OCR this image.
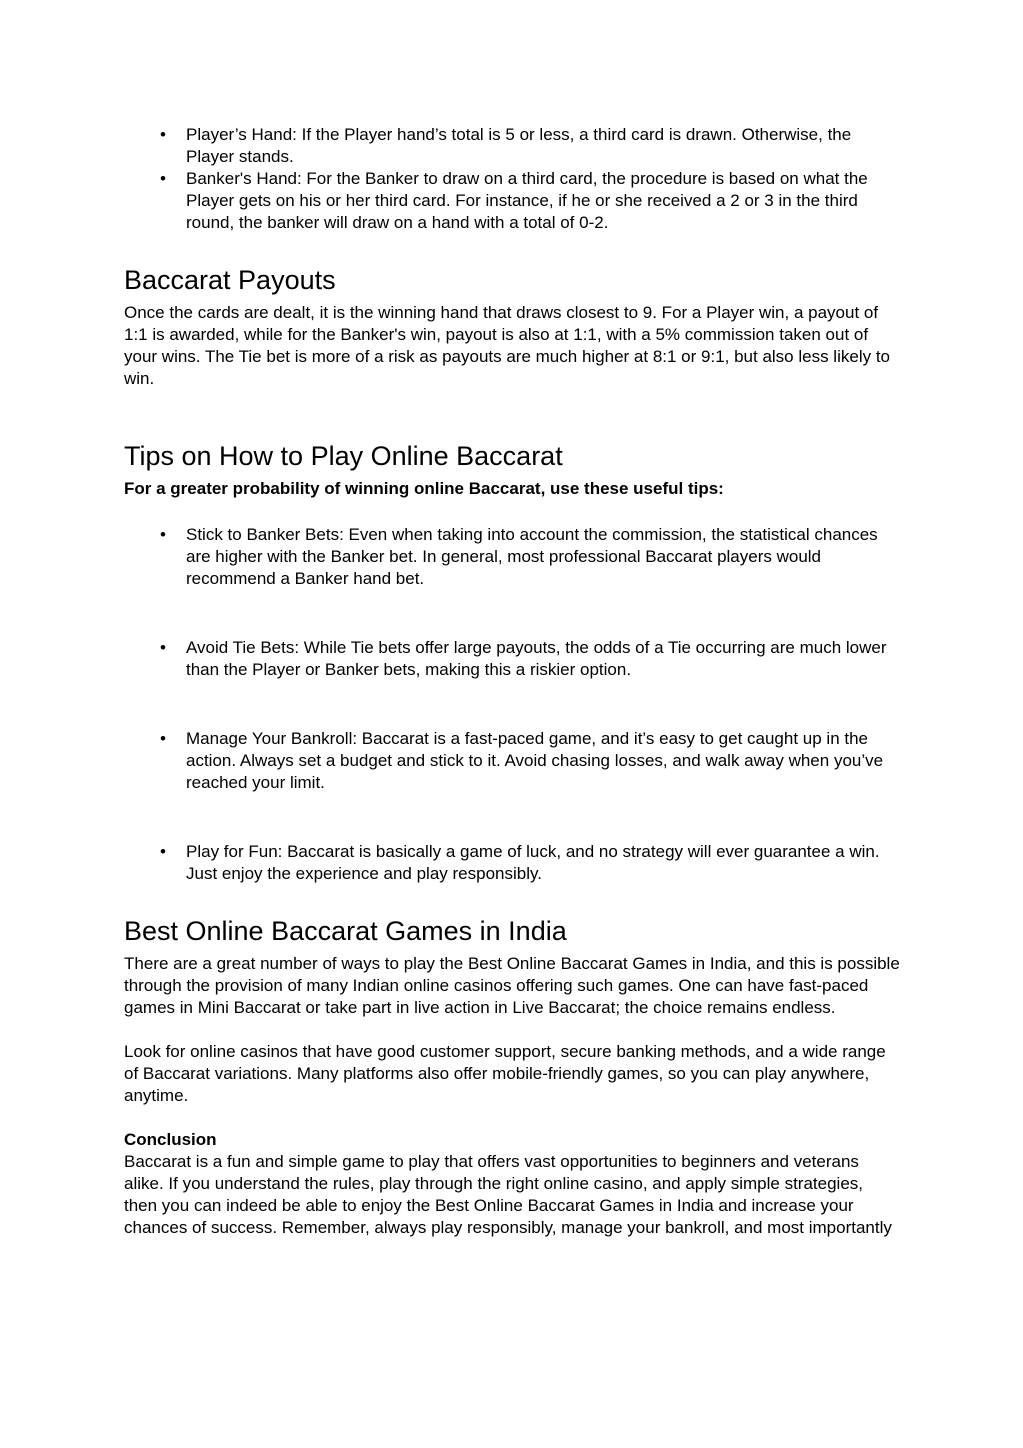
• Player’s Hand: If the Player hand’s total is 5 or less, a third card is drawn. Otherwise, the Player stands.
• Banker's Hand: For the Banker to draw on a third card, the procedure is based on what the Player gets on his or her third card. For instance, if he or she received a 2 or 3 in the third round, the banker will draw on a hand with a total of 0-2.
Baccarat Payouts

Once the cards are dealt, it is the winning hand that draws closest to 9. For a Player win, a payout of 1:1 is awarded, while for the Banker's win, payout is also at 1:1, with a 5% commission taken out of your wins. The Tie bet is more of a risk as payouts are much higher at 8:1 or 9:1, but also less likely to win.

Tips on How to Play Online Baccarat

For a greater probability of winning online Baccarat, use these useful tips:

• Stick to Banker Bets: Even when taking into account the commission, the statistical chances are higher with the Banker bet. In general, most professional Baccarat players would recommend a Banker hand bet.
• Avoid Tie Bets: While Tie bets offer large payouts, the odds of a Tie occurring are much lower than the Player or Banker bets, making this a riskier option.
• Manage Your Bankroll: Baccarat is a fast-paced game, and it’s easy to get caught up in the action. Always set a budget and stick to it. Avoid chasing losses, and walk away when you’ve reached your limit.
• Play for Fun: Baccarat is basically a game of luck, and no strategy will ever guarantee a win. Just enjoy the experience and play responsibly.
Best Online Baccarat Games in India

There are a great number of ways to play the Best Online Baccarat Games in India, and this is possible through the provision of many Indian online casinos offering such games. One can have fast-paced games in Mini Baccarat or take part in live action in Live Baccarat; the choice remains endless.

Look for online casinos that have good customer support, secure banking methods, and a wide range of Baccarat variations. Many platforms also offer mobile-friendly games, so you can play anywhere, anytime.

Conclusion

Baccarat is a fun and simple game to play that offers vast opportunities to beginners and veterans alike. If you understand the rules, play through the right online casino, and apply simple strategies, then you can indeed be able to enjoy the Best Online Baccarat Games in India and increase your chances of success. Remember, always play responsibly, manage your bankroll, and most importantly
